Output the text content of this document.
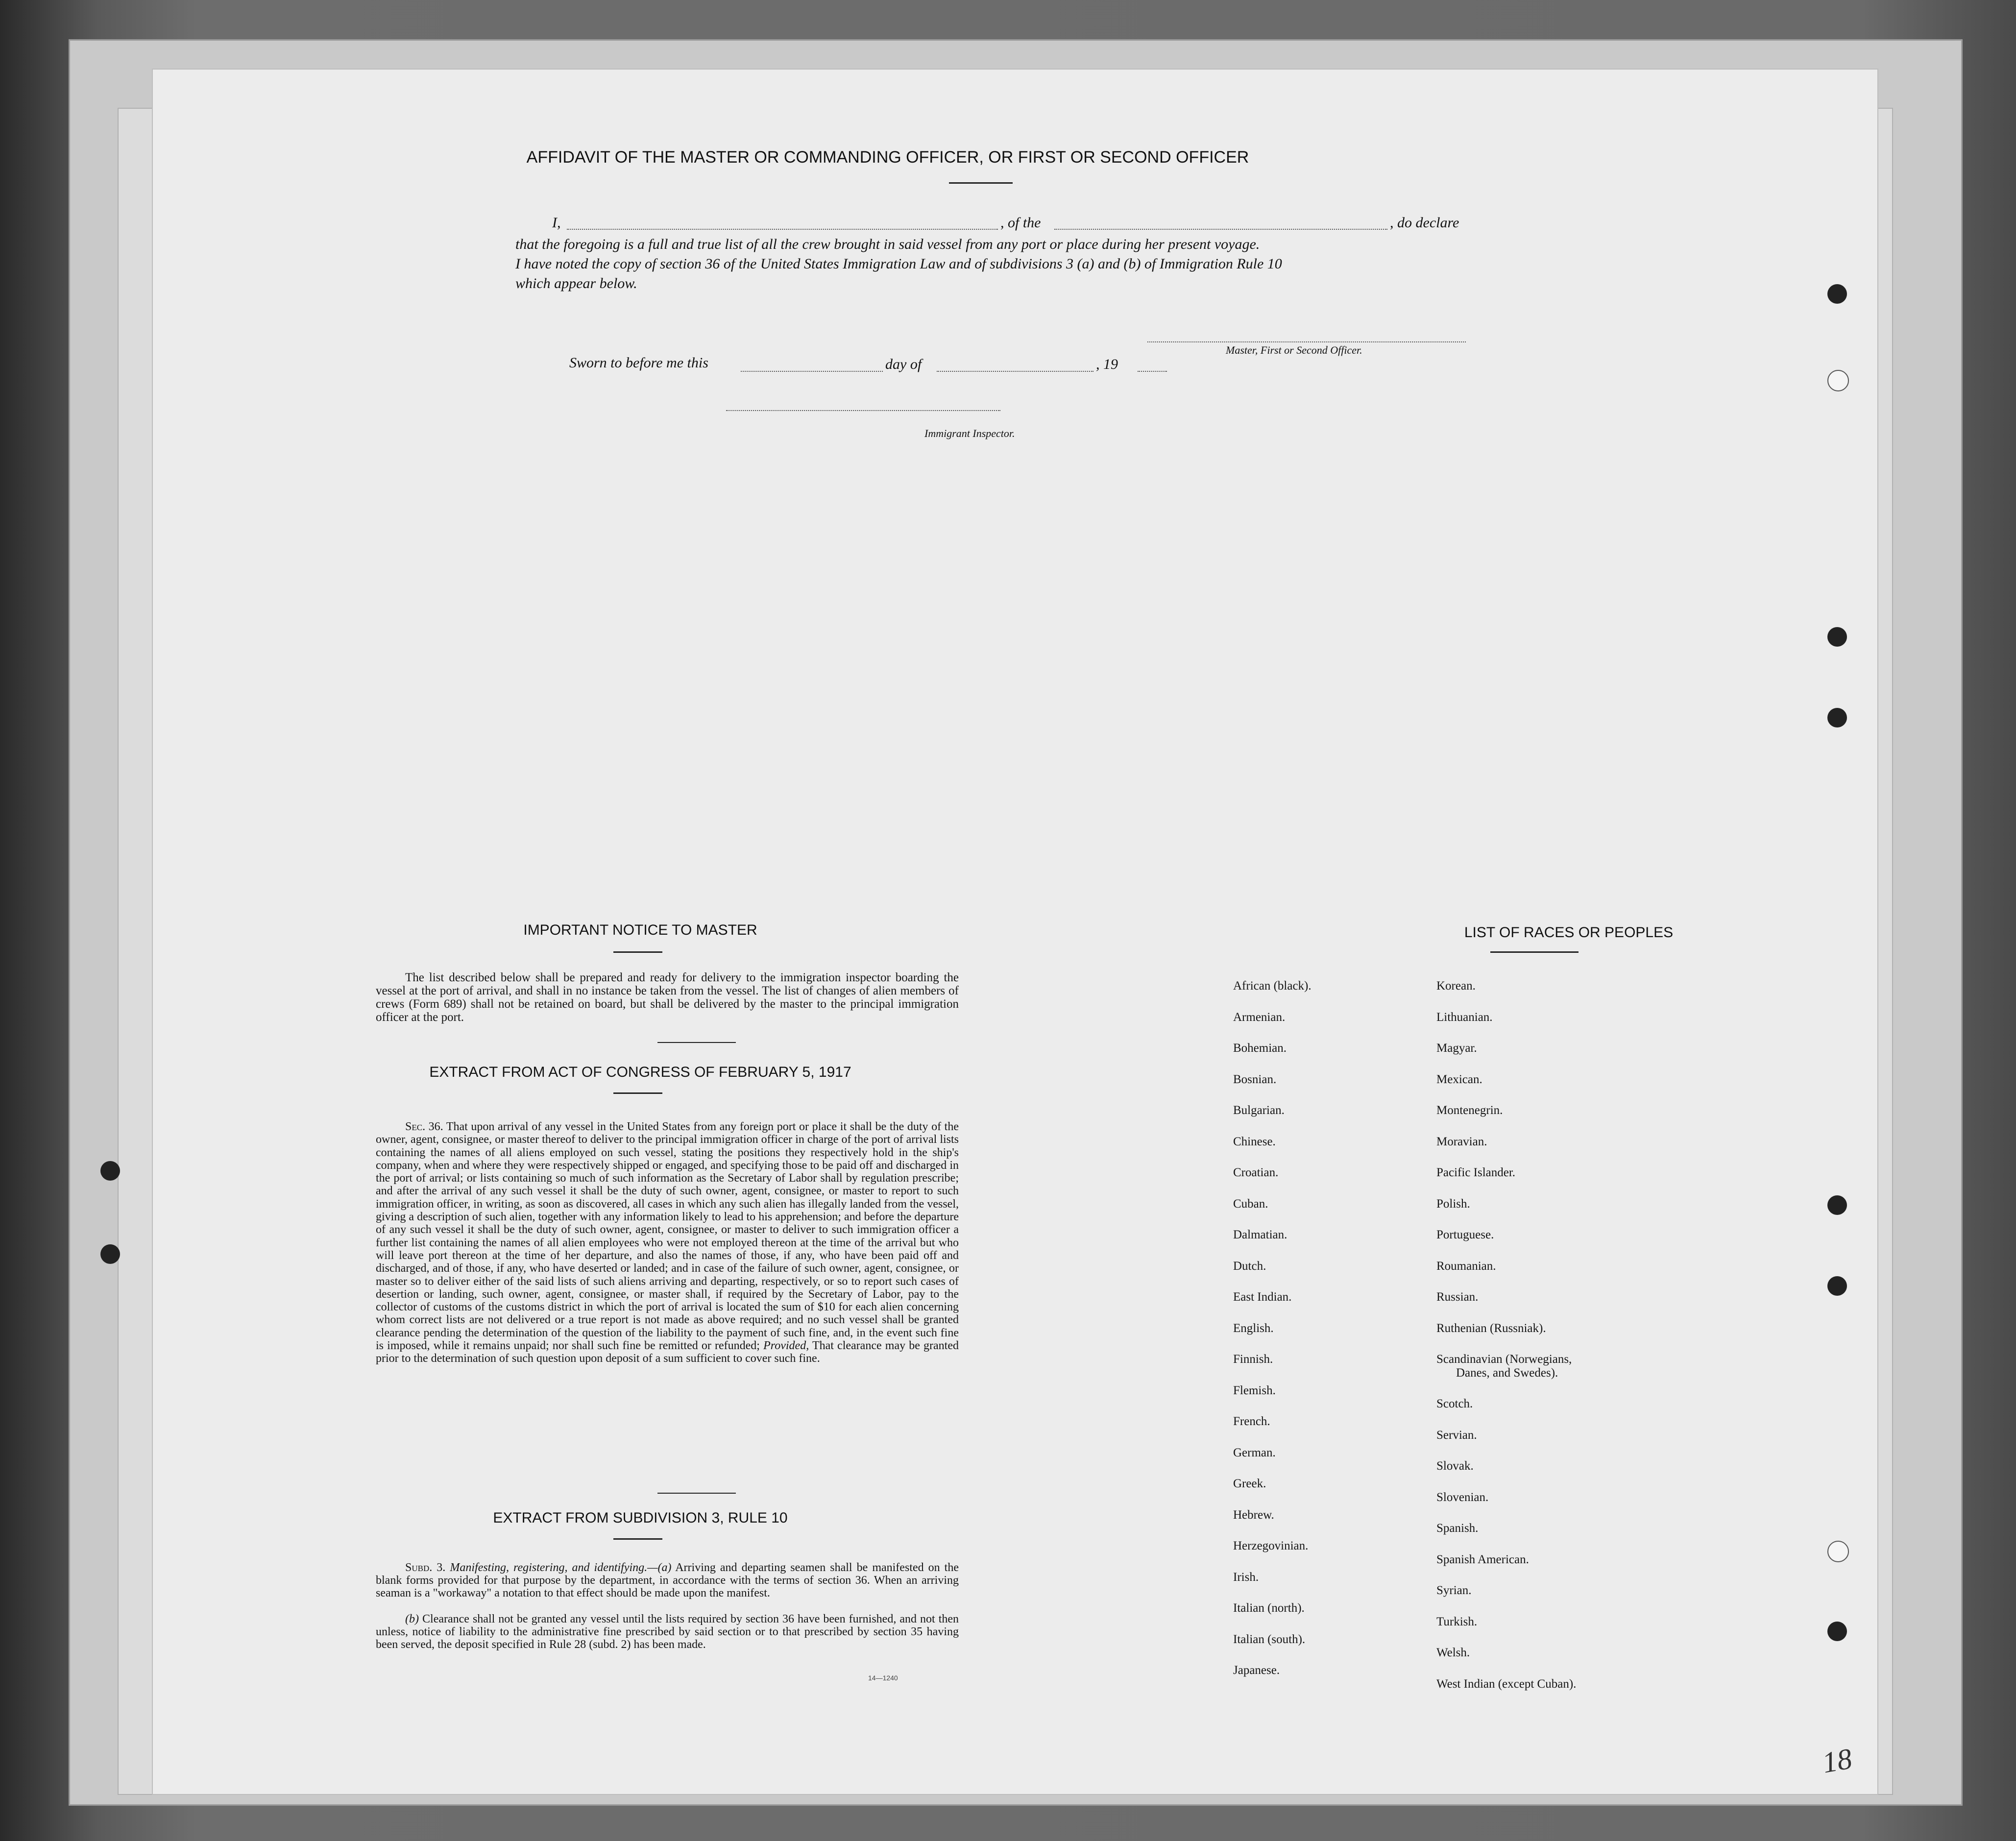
AFFIDAVIT OF THE MASTER OR COMMANDING OFFICER, OR FIRST OR SECOND OFFICER
I,	, of the	, do declare
that the foregoing is a full and true list of all the crew brought in said vessel from any port or place during her present voyage.
I have noted the copy of section 36 of the United States Immigration Law and of subdivisions 3 (a) and (b) of Immigration Rule 10
which appear below.
Master, First or Second Officer.
Sworn to before me this	day of	, 19
Immigrant Inspector.
IMPORTANT NOTICE TO MASTER
The list described below shall be prepared and ready for delivery to the immigration inspector boarding the vessel at the port of arrival, and shall in no instance be taken from the vessel. The list of changes of alien members of crews (Form 689) shall not be retained on board, but shall be delivered by the master to the principal immigration officer at the port.
EXTRACT FROM ACT OF CONGRESS OF FEBRUARY 5, 1917
Sec. 36. That upon arrival of any vessel in the United States from any foreign port or place it shall be the duty of the owner, agent, consignee, or master thereof to deliver to the principal immigration officer in charge of the port of arrival lists containing the names of all aliens employed on such vessel, stating the positions they respectively hold in the ship's company, when and where they were respectively shipped or engaged, and specifying those to be paid off and discharged in the port of arrival; or lists containing so much of such information as the Secretary of Labor shall by regulation prescribe; and after the arrival of any such vessel it shall be the duty of such owner, agent, consignee, or master to report to such immigration officer, in writing, as soon as discovered, all cases in which any such alien has illegally landed from the vessel, giving a description of such alien, together with any information likely to lead to his apprehension; and before the departure of any such vessel it shall be the duty of such owner, agent, consignee, or master to deliver to such immigration officer a further list containing the names of all alien employees who were not employed thereon at the time of the arrival but who will leave port thereon at the time of her departure, and also the names of those, if any, who have been paid off and discharged, and of those, if any, who have deserted or landed; and in case of the failure of such owner, agent, consignee, or master so to deliver either of the said lists of such aliens arriving and departing, respectively, or so to report such cases of desertion or landing, such owner, agent, consignee, or master shall, if required by the Secretary of Labor, pay to the collector of customs of the customs district in which the port of arrival is located the sum of $10 for each alien concerning whom correct lists are not delivered or a true report is not made as above required; and no such vessel shall be granted clearance pending the determination of the question of the liability to the payment of such fine, and, in the event such fine is imposed, while it remains unpaid; nor shall such fine be remitted or refunded; Provided, That clearance may be granted prior to the determination of such question upon deposit of a sum sufficient to cover such fine.
EXTRACT FROM SUBDIVISION 3, RULE 10
Subd. 3. Manifesting, registering, and identifying.—(a) Arriving and departing seamen shall be manifested on the blank forms provided for that purpose by the department, in accordance with the terms of section 36. When an arriving seaman is a "workaway" a notation to that effect should be made upon the manifest.
(b) Clearance shall not be granted any vessel until the lists required by section 36 have been furnished, and not then unless, notice of liability to the administrative fine prescribed by said section or to that prescribed by section 35 having been served, the deposit specified in Rule 28 (subd. 2) has been made.
14—1240
LIST OF RACES OR PEOPLES
African (black).
Armenian.
Bohemian.
Bosnian.
Bulgarian.
Chinese.
Croatian.
Cuban.
Dalmatian.
Dutch.
East Indian.
English.
Finnish.
Flemish.
French.
German.
Greek.
Hebrew.
Herzegovinian.
Irish.
Italian (north).
Italian (south).
Japanese.
Korean.
Lithuanian.
Magyar.
Mexican.
Montenegrin.
Moravian.
Pacific Islander.
Polish.
Portuguese.
Roumanian.
Russian.
Ruthenian (Russniak).
Scandinavian (Norwegians,
Danes, and Swedes).
Scotch.
Servian.
Slovak.
Slovenian.
Spanish.
Spanish American.
Syrian.
Turkish.
Welsh.
West Indian (except Cuban).
18
